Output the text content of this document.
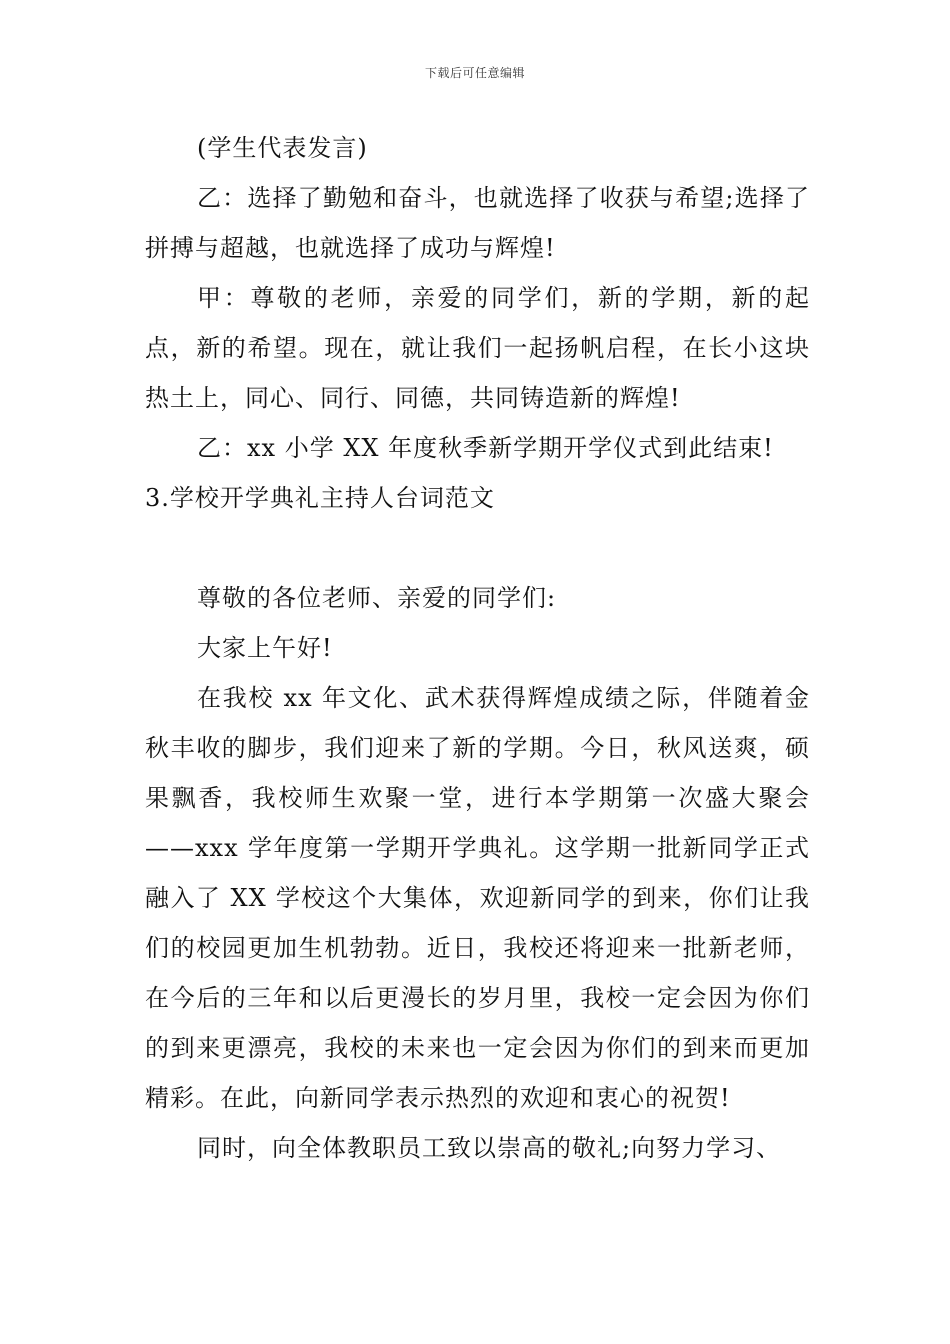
下载后可任意编辑

(学生代表发言)

乙：选择了勤勉和奋斗，也就选择了收获与希望;选择了拼搏与超越，也就选择了成功与辉煌!

甲：尊敬的老师，亲爱的同学们，新的学期，新的起点，新的希望。现在，就让我们一起扬帆启程，在长小这块热土上，同心、同行、同德，共同铸造新的辉煌!

乙：xx 小学 XX 年度秋季新学期开学仪式到此结束!

3.学校开学典礼主持人台词范文

尊敬的各位老师、亲爱的同学们:

大家上午好!

在我校 xx 年文化、武术获得辉煌成绩之际，伴随着金秋丰收的脚步，我们迎来了新的学期。今日，秋风送爽，硕果飘香，我校师生欢聚一堂，进行本学期第一次盛大聚会——xxx 学年度第一学期开学典礼。这学期一批新同学正式融入了 XX 学校这个大集体，欢迎新同学的到来，你们让我们的校园更加生机勃勃。近日，我校还将迎来一批新老师，在今后的三年和以后更漫长的岁月里，我校一定会因为你们的到来更漂亮，我校的未来也一定会因为你们的到来而更加精彩。在此，向新同学表示热烈的欢迎和衷心的祝贺!

同时，向全体教职员工致以崇高的敬礼;向努力学习、
